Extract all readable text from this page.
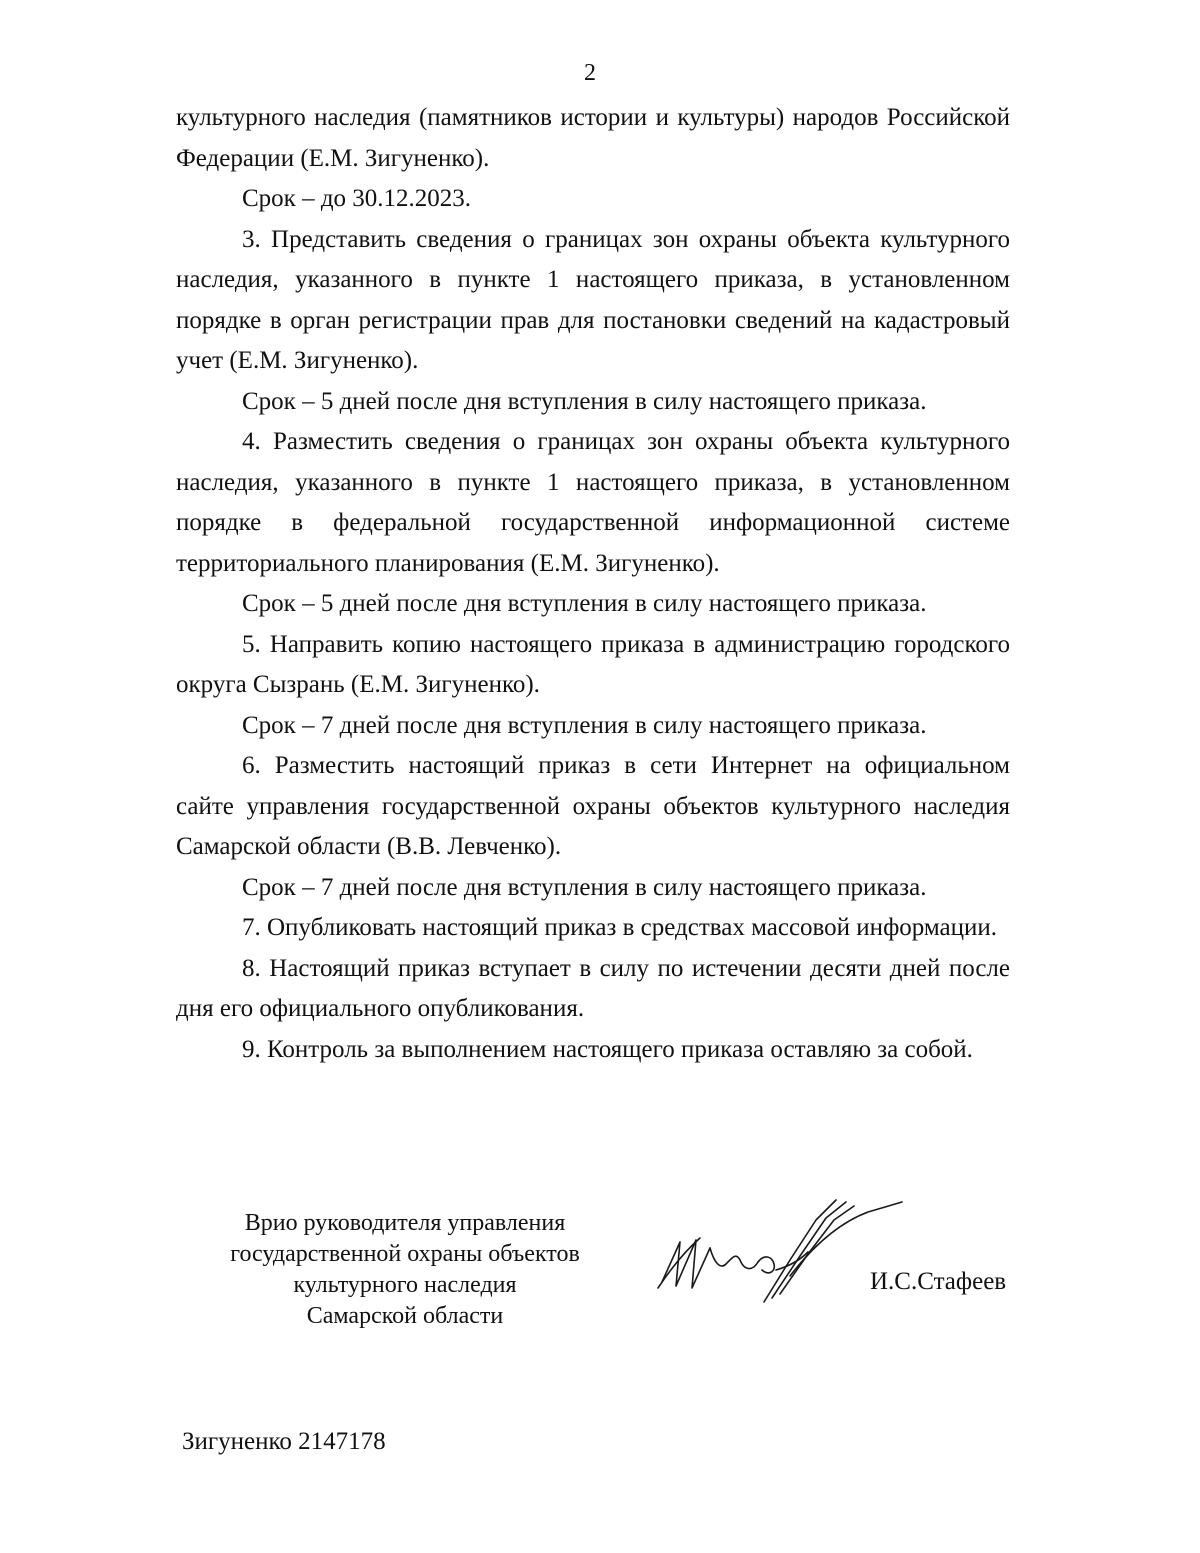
2

культурного наследия (памятников истории и культуры) народов Российской Федерации (Е.М. Зигуненко).

Срок – до 30.12.2023.

3. Представить сведения о границах зон охраны объекта культурного наследия, указанного в пункте 1 настоящего приказа, в установленном порядке в орган регистрации прав для постановки сведений на кадастровый учет (Е.М. Зигуненко).

Срок – 5 дней после дня вступления в силу настоящего приказа.

4. Разместить сведения о границах зон охраны объекта культурного наследия, указанного в пункте 1 настоящего приказа, в установленном порядке в федеральной государственной информационной системе территориального планирования (Е.М. Зигуненко).

Срок – 5 дней после дня вступления в силу настоящего приказа.

5. Направить копию настоящего приказа в администрацию городского округа Сызрань (Е.М. Зигуненко).

Срок – 7 дней после дня вступления в силу настоящего приказа.

6. Разместить настоящий приказ в сети Интернет на официальном сайте управления государственной охраны объектов культурного наследия Самарской области (В.В. Левченко).

Срок – 7 дней после дня вступления в силу настоящего приказа.

7. Опубликовать настоящий приказ в средствах массовой информации.

8. Настоящий приказ вступает в силу по истечении десяти дней после дня его официального опубликования.

9. Контроль за выполнением настоящего приказа оставляю за собой.

Врио руководителя управления
государственной охраны объектов
культурного наследия
Самарской области
И.С.Стафеев
Зигуненко 2147178
